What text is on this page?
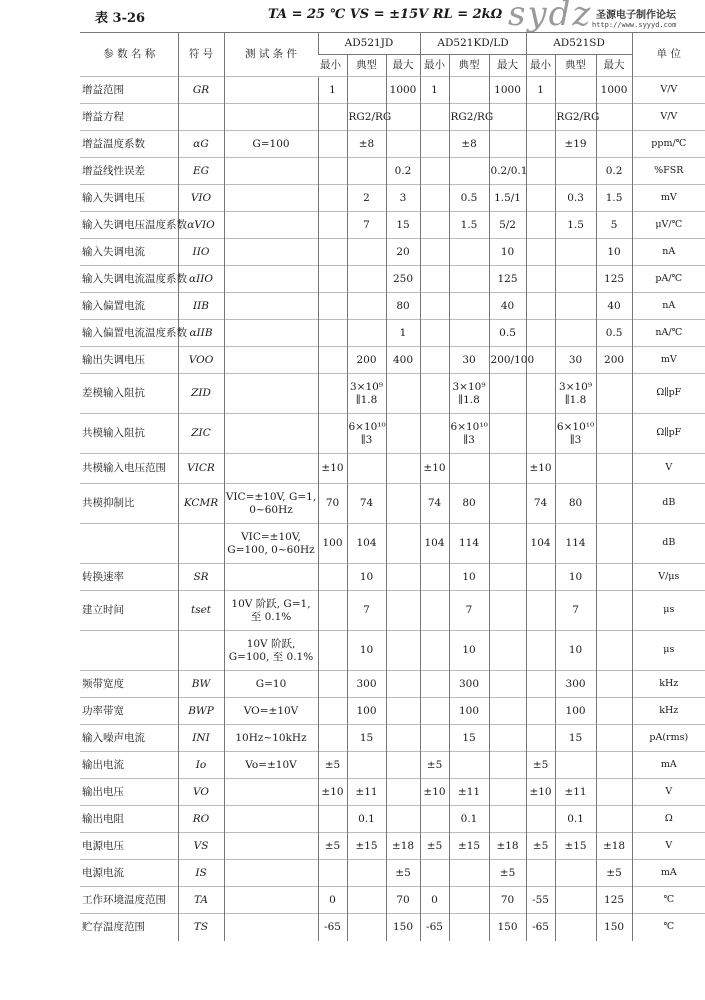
表 3-26	TA = 25 ℃ VS = ±15V RL = 2kΩ sydz 圣源电子制作论坛
http://www.syyyd.com
参 数 名 称	符 号	测 试 条 件	AD521JD			AD521KD/LD			AD521SD			单 位
			最小	典型	最大	最小	典型	最大	最小	典型	最大	
增益范围	GR		1		1000	1		1000	1		1000	V/V
增益方程				RG2/RG			RG2/RG			RG2/RG		V/V
增益温度系数	αG	G=100		±8			±8			±19		ppm/℃
增益线性误差	EG				0.2			0.2/0.1			0.2	%FSR
输入失调电压	VIO			2	3		0.5	1.5/1		0.3	1.5	mV
输入失调电压温度系数	αVIO			7	15		1.5	5/2		1.5	5	μV/℃
输入失调电流	IIO				20			10			10	nA
输入失调电流温度系数	αIIO				250			125			125	pA/℃
输入偏置电流	IIB				80			40			40	nA
输入偏置电流温度系数	αIIB				1			0.5			0.5	nA/℃
输出失调电压	VOO			200	400		30	200/100		30	200	mV
差模输入阻抗	ZID			3×10⁹ ∥1.8			3×10⁹ ∥1.8			3×10⁹ ∥1.8		Ω∥pF
共模输入阻抗	ZIC			6×10¹⁰ ∥3			6×10¹⁰ ∥3			6×10¹⁰ ∥3		Ω∥pF
共模输入电压范围	VICR		±10			±10			±10			V
共模抑制比	KCMR	VIC=±10V, G=1, 0~60Hz	70	74		74	80		74	80		dB
		VIC=±10V, G=100, 0~60Hz	100	104		104	114		104	114		dB
转换速率	SR			10			10			10		V/μs
建立时间	tset	10V 阶跃, G=1, 至 0.1%		7			7			7		μs
		10V 阶跃, G=100, 至 0.1%		10			10			10		μs
频带宽度	BW	G=10		300			300			300		kHz
功率带宽	BWP	VO=±10V		100			100			100		kHz
输入噪声电流	INI	10Hz~10kHz		15			15			15		pA(rms)
输出电流	Io	Vo=±10V	±5			±5			±5			mA
输出电压	VO		±10	±11		±10	±11		±10	±11		V
输出电阻	RO			0.1			0.1			0.1		Ω
电源电压	VS		±5	±15	±18	±5	±15	±18	±5	±15	±18	V
电源电流	IS				±5			±5			±5	mA
工作环境温度范围	TA		0		70	0		70	-55		125	℃
贮存温度范围	TS		-65		150	-65		150	-65		150	℃
